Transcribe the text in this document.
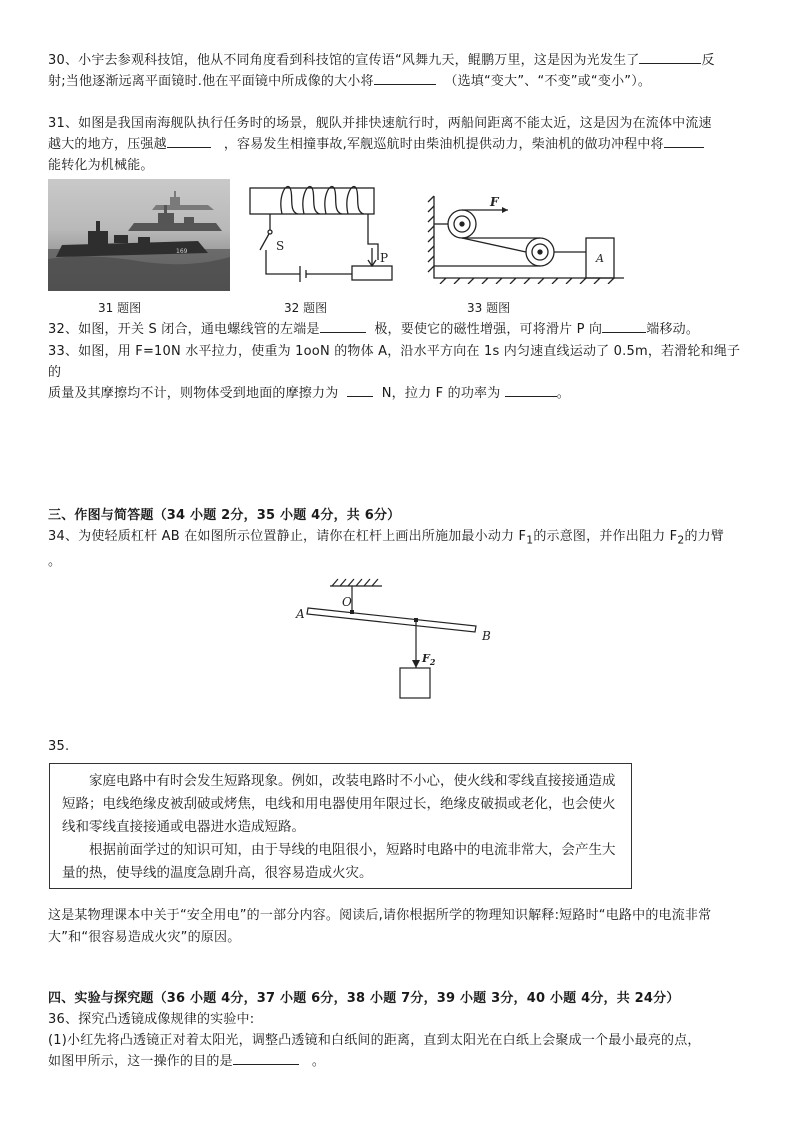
30、小宇去参观科技馆，他从不同角度看到科技馆的宣传语“风舞九天，鲲鹏万里，这是因为光发生了	反
射;当他逐渐远离平面镜时.他在平面镜中所成像的大小将	（选填“变大”、“不变”或“变小”）。
31、如图是我国南海舰队执行任务时的场景，舰队并排快速航行时，两船间距离不能太近，这是因为在流体中流速
越大的地方，压强越	，容易发生相撞事故,军舰巡航时由柴油机提供动力，柴油机的做功冲程中将
能转化为机械能。
169	S
P
F
A
31 题图	32 题图	33 题图
32、如图，开关 S 闭合，通电螺线管的左端是	极，要使它的磁性增强，可将滑片 P 向	端移动。
33、如图，用 F=10N 水平拉力，使重为 1ooN 的物体 A，沿水平方向在 1s 内匀速直线运动了 0.5m，若滑轮和绳子的
质量及其摩擦均不计，则物体受到地面的摩擦力为	N，拉力 F 的功率为	。
三、作图与简答题（34 小题 2分，35 小题 4分，共 6分）
34、为使轻质杠杆 AB 在如图所示位置静止，请你在杠杆上画出所施加最小动力 $F_1$的示意图，并作出阻力 $F_2$的力臂
。
A
O
B
$F_2$
35.

家庭电路中有时会发生短路现象。例如，改装电路时不小心，使火线和零线直接接通造成短路；电线绝缘皮被刮破或烤焦，电线和用电器使用年限过长，绝缘皮破损或老化，也会使火线和零线直接接通或电器进水造成短路。

根据前面学过的知识可知，由于导线的电阻很小，短路时电路中的电流非常大，会产生大量的热，使导线的温度急剧升高，很容易造成火灾。

这是某物理课本中关于“安全用电”的一部分内容。阅读后,请你根据所学的物理知识解释:短路时“电路中的电流非常大”和“很容易造成火灾”的原因。
四、实验与探究题（36 小题 4分，37 小题 6分，38 小题 7分，39 小题 3分，40 小题 4分，共 24分）
36、探究凸透镜成像规律的实验中:
(1)小红先将凸透镜正对着太阳光，调整凸透镜和白纸间的距离，直到太阳光在白纸上会聚成一个最小最亮的点，
如图甲所示，这一操作的目的是	。
